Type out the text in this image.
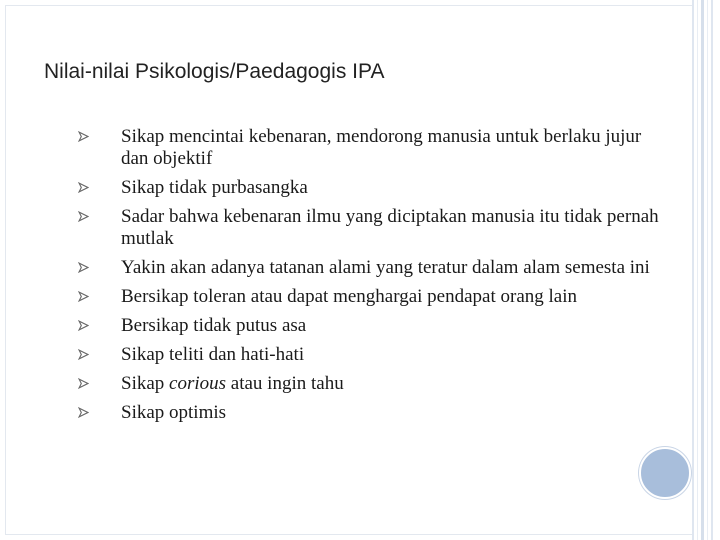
Nilai-nilai Psikologis/Paedagogis IPA
Sikap mencintai kebenaran, mendorong manusia untuk berlaku jujur dan objektif
Sikap tidak purbasangka
Sadar bahwa kebenaran ilmu yang diciptakan manusia itu tidak pernah mutlak
Yakin akan adanya tatanan alami yang teratur dalam alam semesta ini
Bersikap toleran atau dapat menghargai pendapat orang lain
Bersikap tidak putus asa
Sikap teliti dan hati-hati
Sikap corious atau ingin tahu
Sikap optimis
